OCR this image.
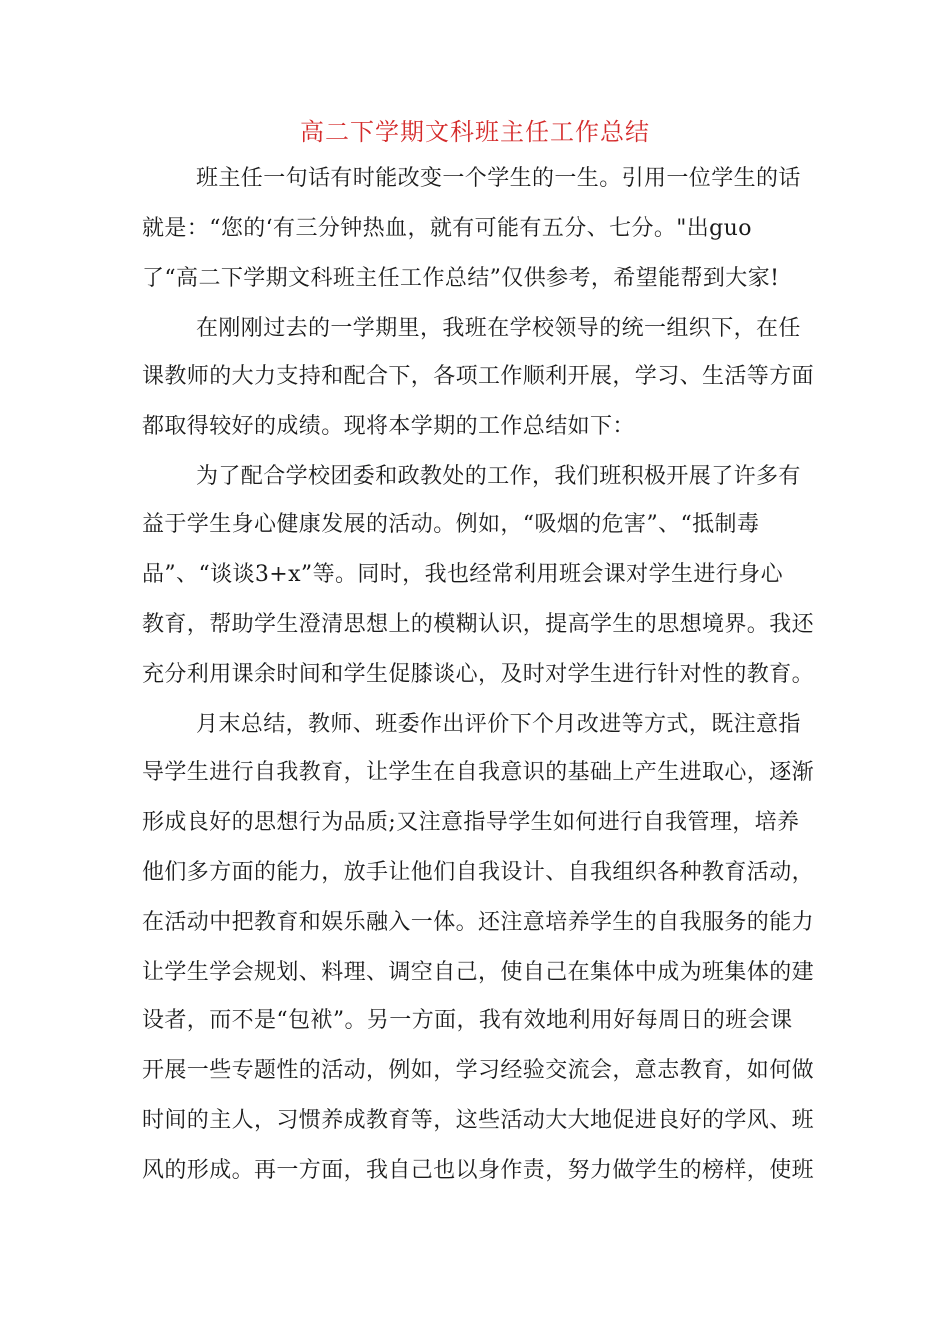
高二下学期文科班主任工作总结
班主任一句话有时能改变一个学生的一生。引用一位学生的话
就是：“您的‘有三分钟热血，就有可能有五分、七分。"出guo
了“高二下学期文科班主任工作总结”仅供参考，希望能帮到大家!
在刚刚过去的一学期里，我班在学校领导的统一组织下，在任
课教师的大力支持和配合下，各项工作顺利开展，学习、生活等方面
都取得较好的成绩。现将本学期的工作总结如下：
为了配合学校团委和政教处的工作，我们班积极开展了许多有
益于学生身心健康发展的活动。例如，“吸烟的危害”、“抵制毒
品”、“谈谈3+x”等。同时，我也经常利用班会课对学生进行身心
教育，帮助学生澄清思想上的模糊认识，提高学生的思想境界。我还
充分利用课余时间和学生促膝谈心，及时对学生进行针对性的教育。
月末总结，教师、班委作出评价下个月改进等方式，既注意指
导学生进行自我教育，让学生在自我意识的基础上产生进取心，逐渐
形成良好的思想行为品质;又注意指导学生如何进行自我管理，培养
他们多方面的能力，放手让他们自我设计、自我组织各种教育活动，
在活动中把教育和娱乐融入一体。还注意培养学生的自我服务的能力
让学生学会规划、料理、调空自己，使自己在集体中成为班集体的建
设者，而不是“包袱”。另一方面，我有效地利用好每周日的班会课
开展一些专题性的活动，例如，学习经验交流会，意志教育，如何做
时间的主人，习惯养成教育等，这些活动大大地促进良好的学风、班
风的形成。再一方面，我自己也以身作责，努力做学生的榜样，使班
